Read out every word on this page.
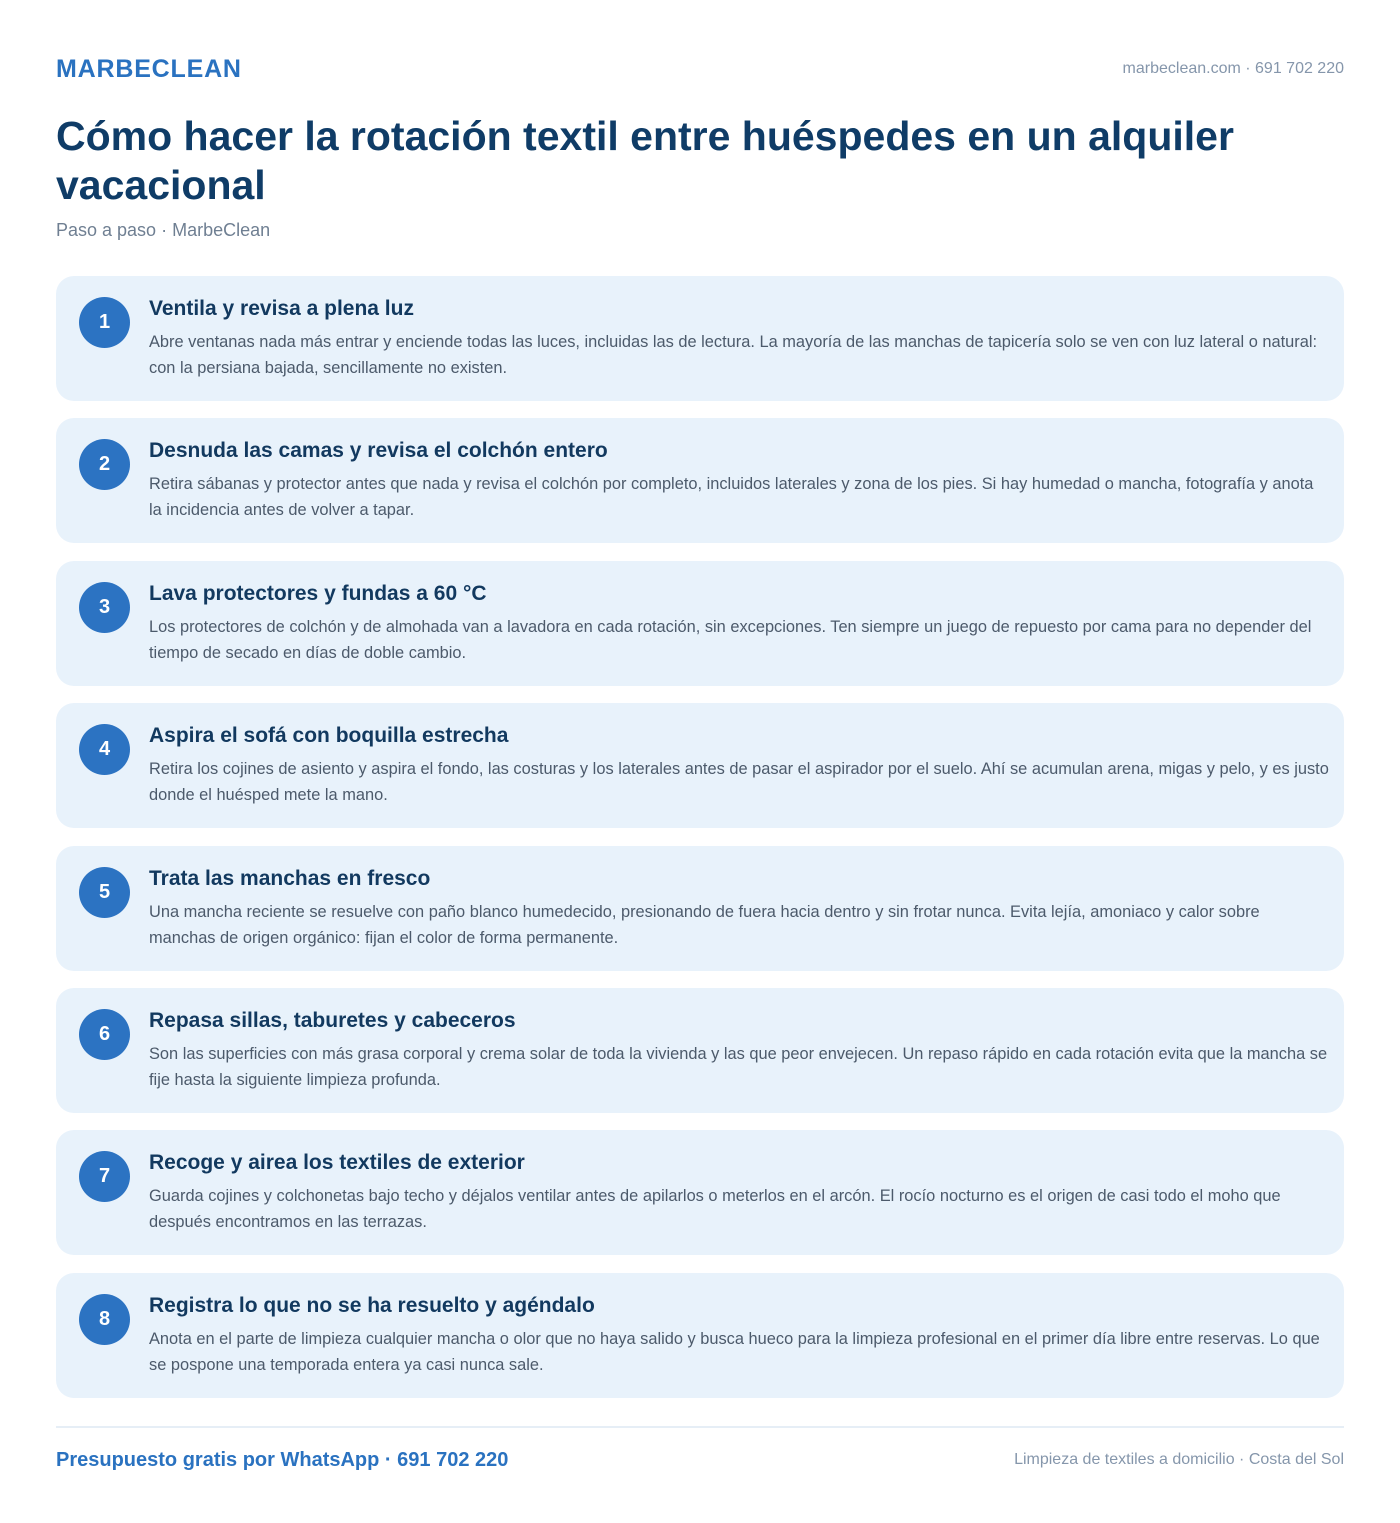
MARBECLEAN	marbeclean.com · 691 702 220
Cómo hacer la rotación textil entre huéspedes en un alquiler vacacional
Paso a paso · MarbeClean
1
Ventila y revisa a plena luz
Abre ventanas nada más entrar y enciende todas las luces, incluidas las de lectura. La mayoría de las manchas de tapicería solo se ven con luz lateral o natural: con la persiana bajada, sencillamente no existen.
2
Desnuda las camas y revisa el colchón entero
Retira sábanas y protector antes que nada y revisa el colchón por completo, incluidos laterales y zona de los pies. Si hay humedad o mancha, fotografía y anota la incidencia antes de volver a tapar.
3
Lava protectores y fundas a 60 °C
Los protectores de colchón y de almohada van a lavadora en cada rotación, sin excepciones. Ten siempre un juego de repuesto por cama para no depender del tiempo de secado en días de doble cambio.
4
Aspira el sofá con boquilla estrecha
Retira los cojines de asiento y aspira el fondo, las costuras y los laterales antes de pasar el aspirador por el suelo. Ahí se acumulan arena, migas y pelo, y es justo donde el huésped mete la mano.
5
Trata las manchas en fresco
Una mancha reciente se resuelve con paño blanco humedecido, presionando de fuera hacia dentro y sin frotar nunca. Evita lejía, amoniaco y calor sobre manchas de origen orgánico: fijan el color de forma permanente.
6
Repasa sillas, taburetes y cabeceros
Son las superficies con más grasa corporal y crema solar de toda la vivienda y las que peor envejecen. Un repaso rápido en cada rotación evita que la mancha se fije hasta la siguiente limpieza profunda.
7
Recoge y airea los textiles de exterior
Guarda cojines y colchonetas bajo techo y déjalos ventilar antes de apilarlos o meterlos en el arcón. El rocío nocturno es el origen de casi todo el moho que después encontramos en las terrazas.
8
Registra lo que no se ha resuelto y agéndalo
Anota en el parte de limpieza cualquier mancha o olor que no haya salido y busca hueco para la limpieza profesional en el primer día libre entre reservas. Lo que se pospone una temporada entera ya casi nunca sale.
Presupuesto gratis por WhatsApp · 691 702 220	Limpieza de textiles a domicilio · Costa del Sol
